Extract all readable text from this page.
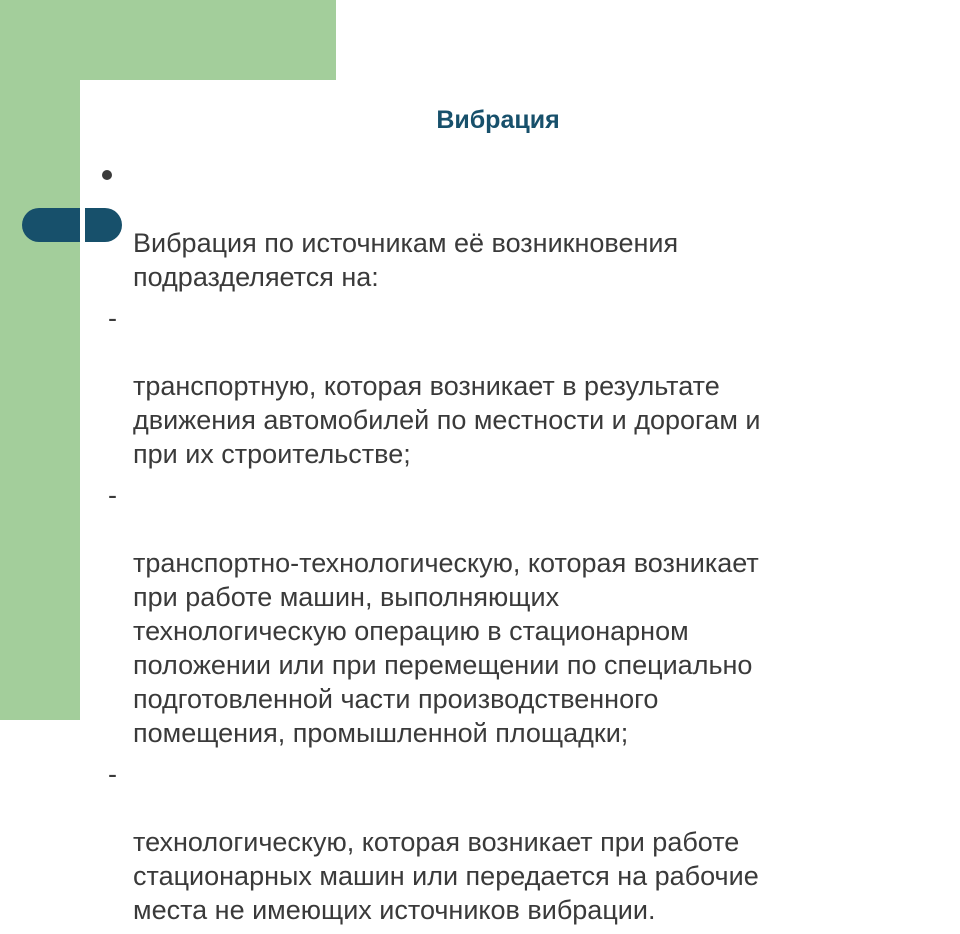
Вибрация

Вибрация по источникам её возникновения
подразделяется на:

-

транспортную, которая возникает в результате
движения автомобилей по местности и дорогам и
при их строительстве;

-

транспортно-технологическую, которая возникает
при работе машин, выполняющих
технологическую операцию в стационарном
положении или при перемещении по специально
подготовленной части производственного
помещения, промышленной площадки;

-

технологическую, которая возникает при работе
стационарных машин или передается на рабочие
места не имеющих источников вибрации.
